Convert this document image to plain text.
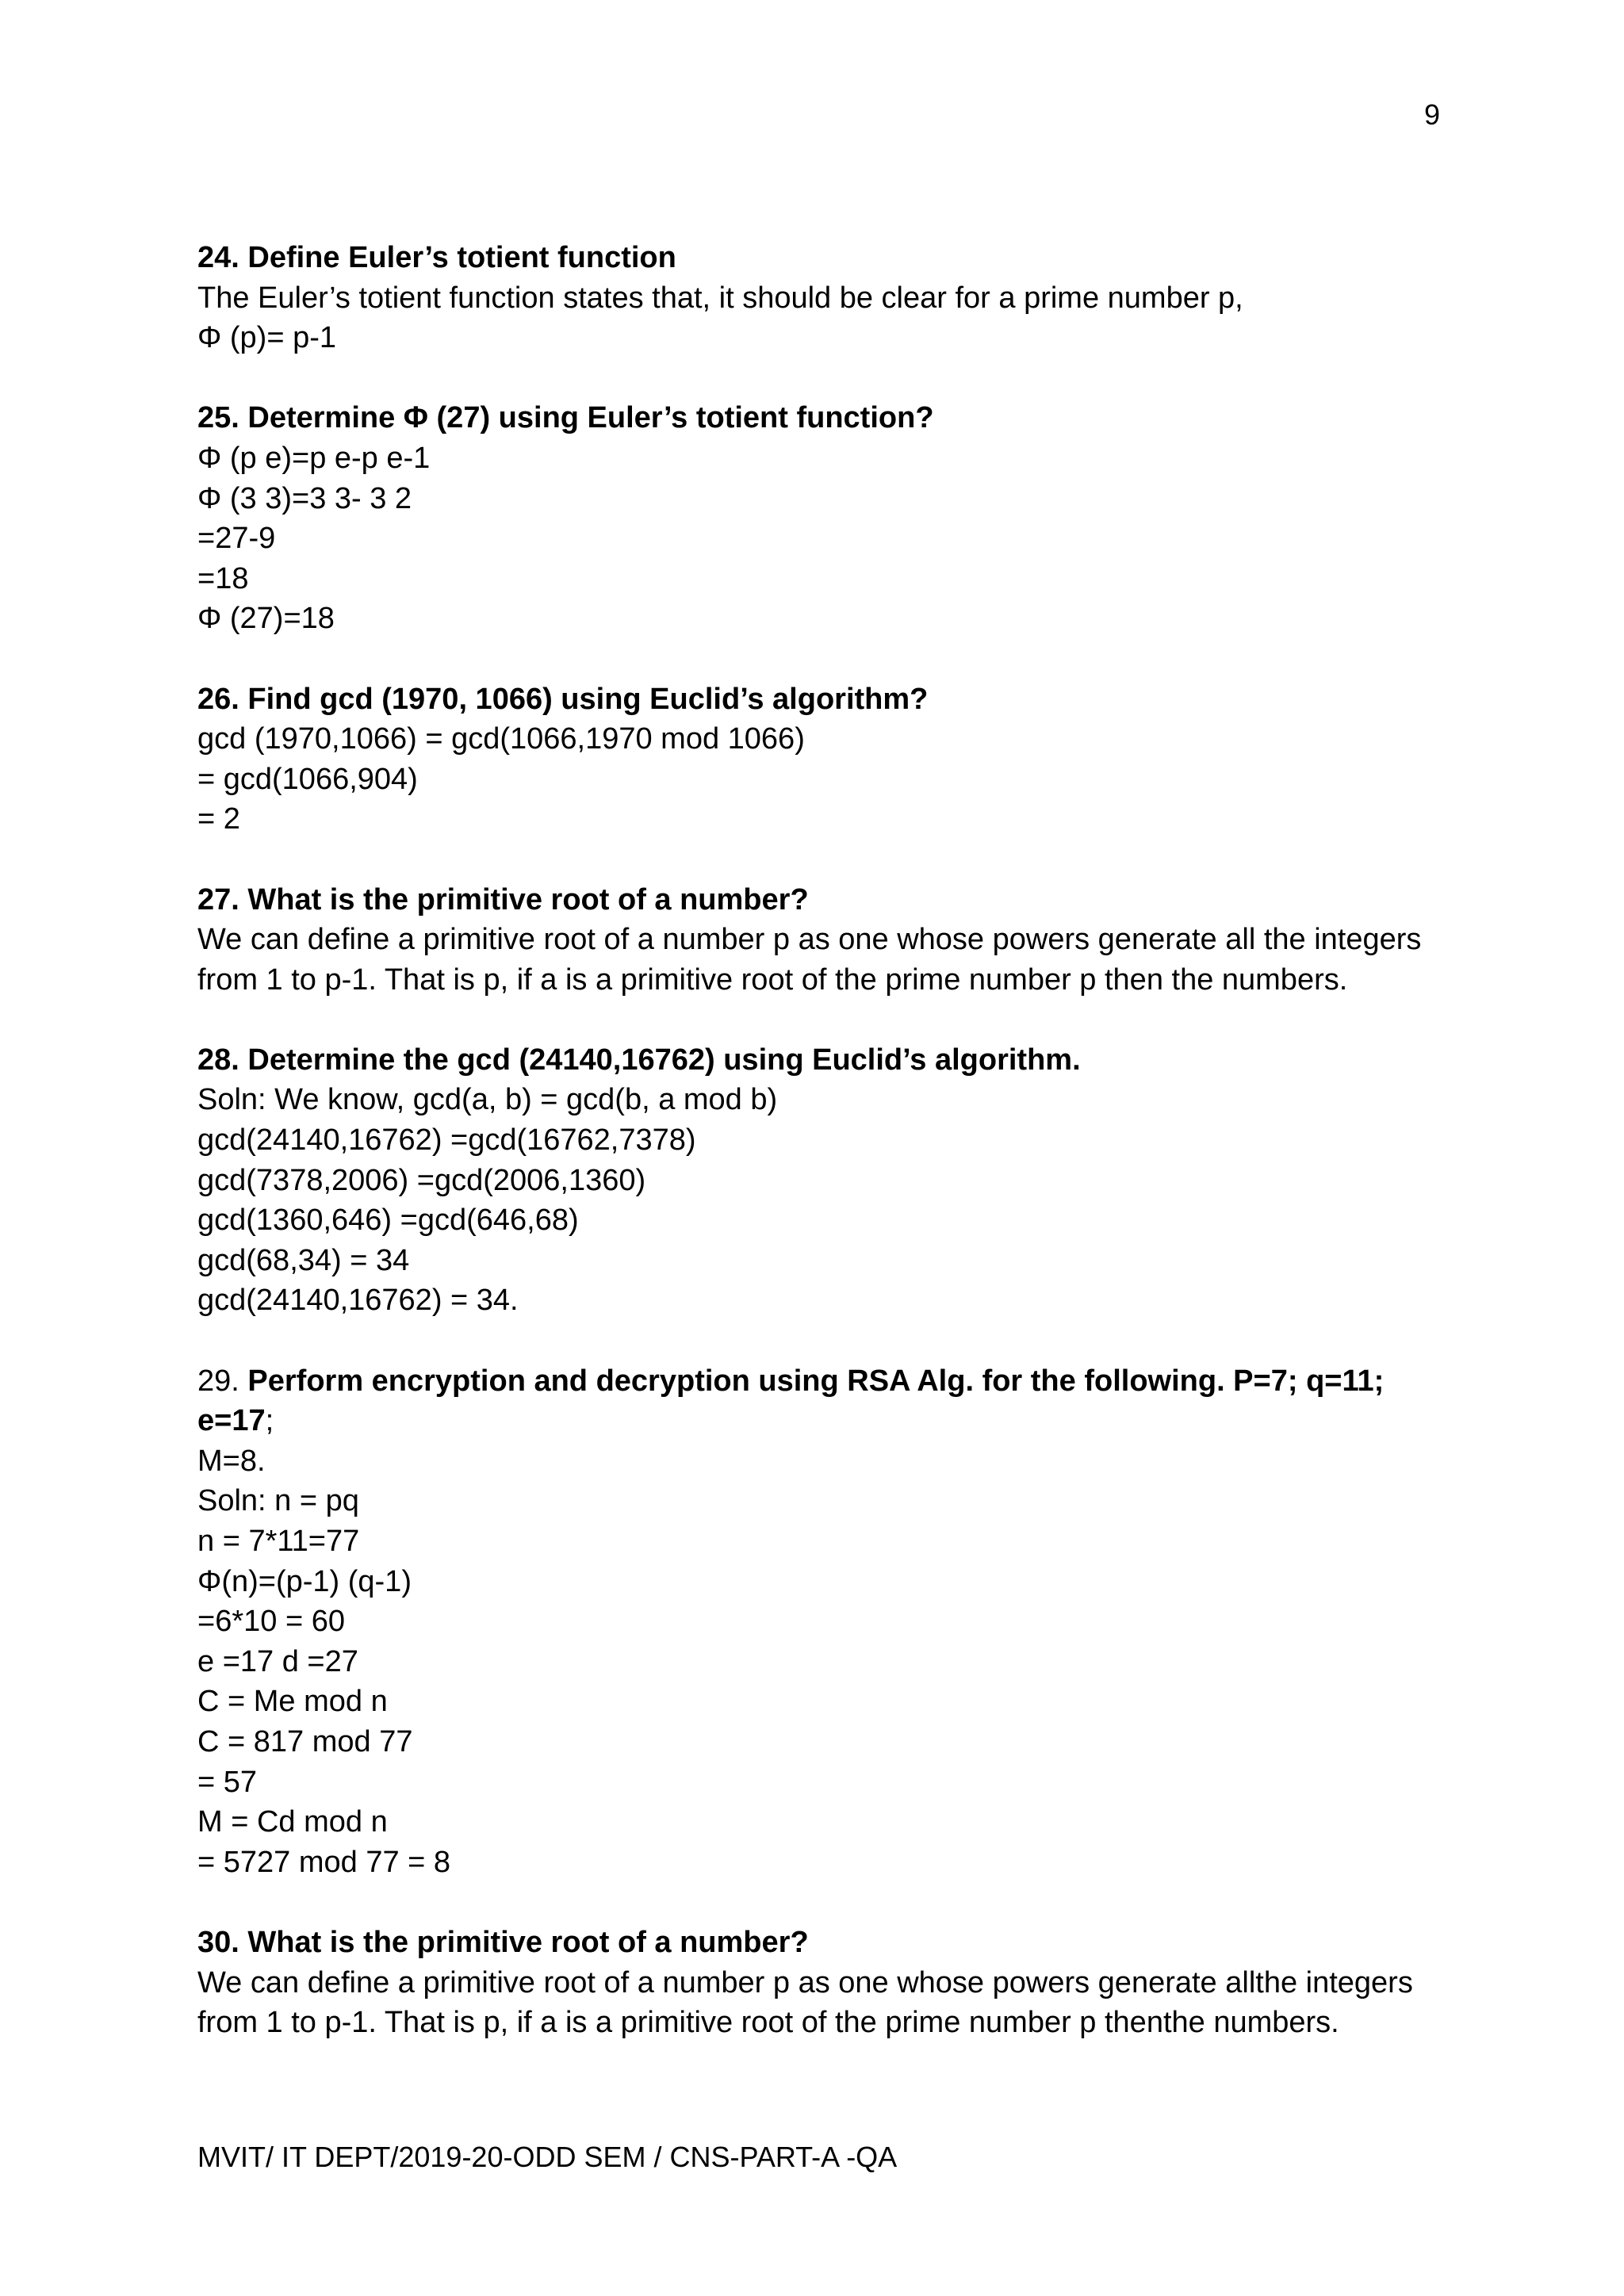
9

24. Define Euler’s totient function

The Euler’s totient function states that, it should be clear for a prime number p,

Φ (p)= p-1

25. Determine Φ (27) using Euler’s totient function?

Φ (p e)=p e-p e-1

Φ (3 3)=3 3- 3 2

=27-9

=18

Φ (27)=18

26. Find gcd (1970, 1066) using Euclid’s algorithm?

gcd (1970,1066) = gcd(1066,1970 mod 1066)

= gcd(1066,904)

= 2

27. What is the primitive root of a number?

We can define a primitive root of a number p as one whose powers generate all the integers

from 1 to p-1. That is p, if a is a primitive root of the prime number p then the numbers.

28. Determine the gcd (24140,16762) using Euclid’s algorithm.

Soln: We know, gcd(a, b) = gcd(b, a mod b)

gcd(24140,16762) =gcd(16762,7378)

gcd(7378,2006) =gcd(2006,1360)

gcd(1360,646) =gcd(646,68)

gcd(68,34) = 34

gcd(24140,16762) = 34.

29. Perform encryption and decryption using RSA Alg. for the following. P=7; q=11; e=17;

M=8.

Soln: n = pq

n = 7*11=77

Φ(n)=(p-1) (q-1)

=6*10 = 60

e =17 d =27

C = Me mod n

C = 817 mod 77

= 57

M = Cd mod n

= 5727 mod 77 = 8

30. What is the primitive root of a number?

We can define a primitive root of a number p as one whose powers generate allthe integers

from 1 to p-1. That is p, if a is a primitive root of the prime number p thenthe numbers.

MVIT/ IT DEPT/2019-20-ODD SEM / CNS-PART-A -QA
